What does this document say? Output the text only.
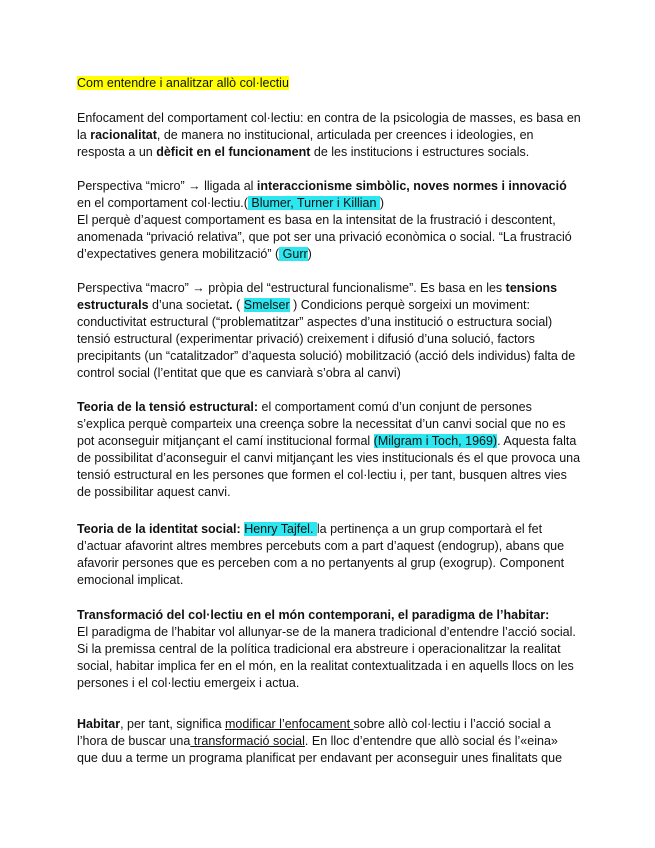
Com entendre i analitzar allò col·lectiu

Enfocament del comportament col·lectiu: en contra de la psicologia de masses, es basa en la racionalitat, de manera no institucional, articulada per creences i ideologies, en resposta a un dèficit en el funcionament de les institucions i estructures socials.

Perspectiva “micro” → lligada al interaccionisme simbòlic, noves normes i innovació en el comportament col·lectiu.( Blumer, Turner i Killian )
El perquè d’aquest comportament es basa en la intensitat de la frustració i descontent, anomenada “privació relativa”, que pot ser una privació econòmica o social. “La frustració d’expectatives genera mobilització” ( Gurr)

Perspectiva “macro” → pròpia del “estructural funcionalisme”. Es basa en les tensions estructurals d’una societat. ( Smelser ) Condicions perquè sorgeixi un moviment: conductivitat estructural (“problematitzar” aspectes d’una institució o estructura social) tensió estructural (experimentar privació) creixement i difusió d’una solució, factors precipitants (un “catalitzador” d’aquesta solució) mobilització (acció dels individus) falta de control social (l’entitat que que es canviarà s’obra al canvi)

Teoria de la tensió estructural: el comportament comú d’un conjunt de persones s’explica perquè comparteix una creença sobre la necessitat d’un canvi social que no es pot aconseguir mitjançant el camí institucional formal (Milgram i Toch, 1969). Aquesta falta de possibilitat d’aconseguir el canvi mitjançant les vies institucionals és el que provoca una tensió estructural en les persones que formen el col·lectiu i, per tant, busquen altres vies de possibilitar aquest canvi.

Teoria de la identitat social: Henry Tajfel. la pertinença a un grup comportarà el fet d’actuar afavorint altres membres percebuts com a part d’aquest (endogrup), abans que afavorir persones que es perceben com a no pertanyents al grup (exogrup). Component emocional implicat.

Transformació del col·lectiu en el món contemporani, el paradigma de l’habitar:
El paradigma de l’habitar vol allunyar-se de la manera tradicional d’entendre l’acció social. Si la premissa central de la política tradicional era abstreure i operacionalitzar la realitat social, habitar implica fer en el món, en la realitat contextualitzada i en aquells llocs on les persones i el col·lectiu emergeix i actua.

Habitar, per tant, significa modificar l’enfocament sobre allò col·lectiu i l’acció social a l’hora de buscar una transformació social. En lloc d’entendre que allò social és l’«eina» que duu a terme un programa planificat per endavant per aconseguir unes finalitats que
